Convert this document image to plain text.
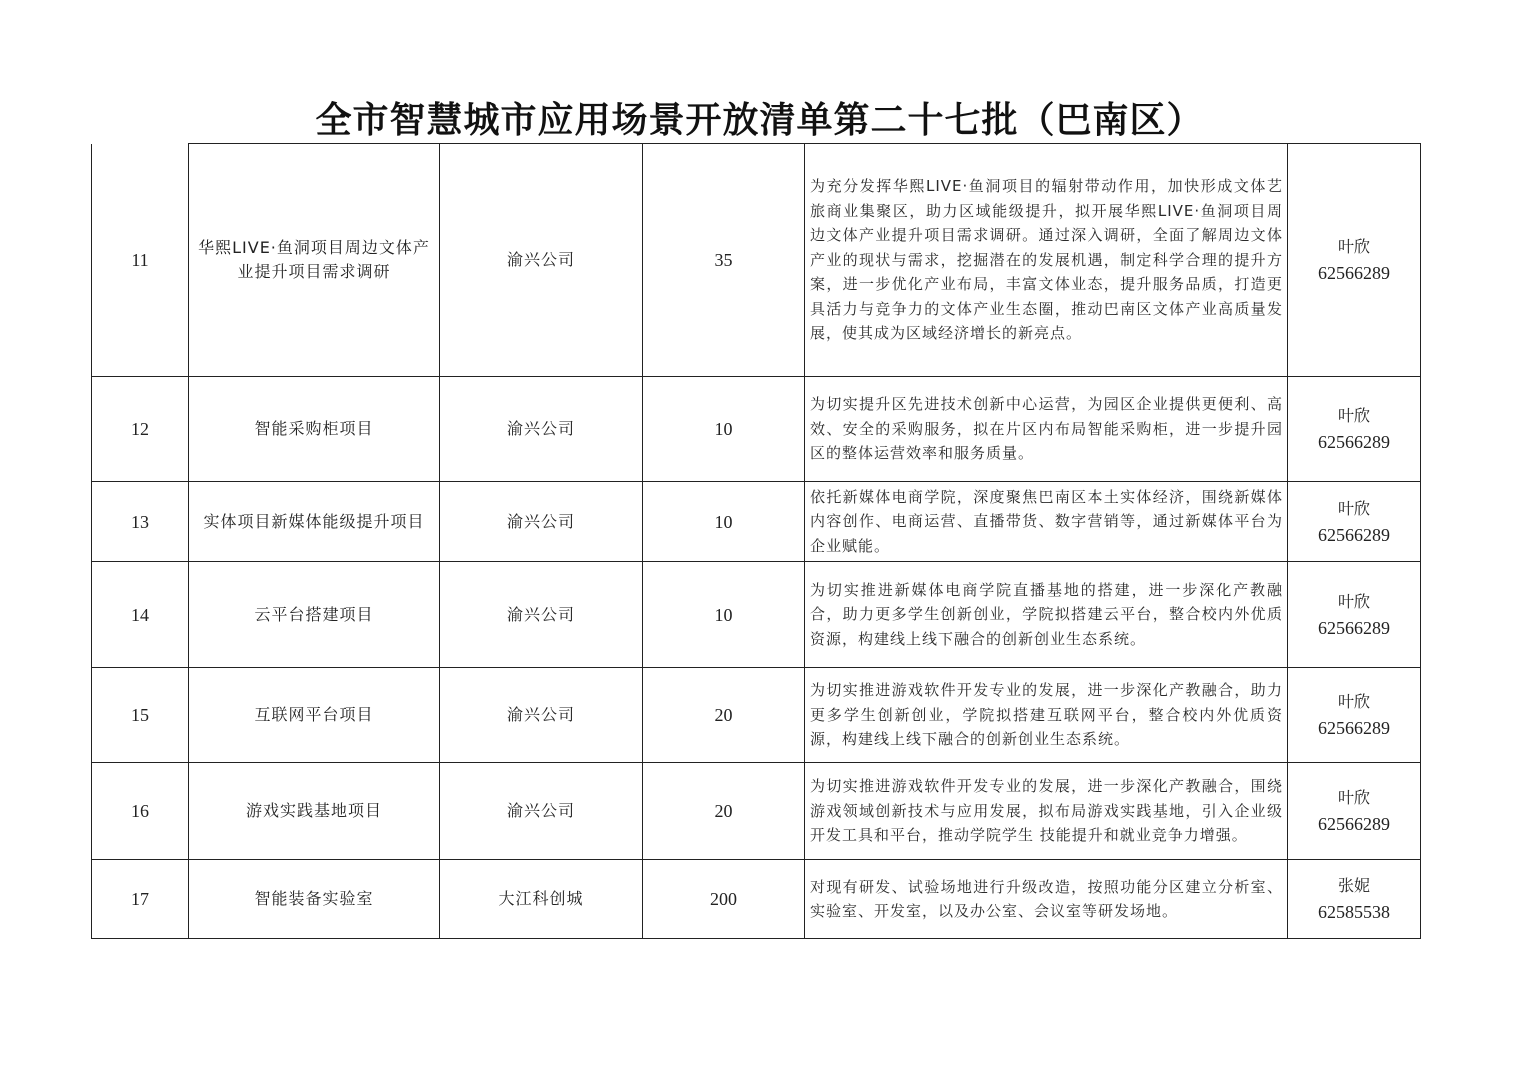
全市智慧城市应用场景开放清单第二十七批（巴南区）
11	华熙LIVE·鱼洞项目周边文体产业提升项目需求调研	渝兴公司	35	为充分发挥华熙LIVE·鱼洞项目的辐射带动作用，加快形成文体艺旅商业集聚区，助力区域能级提升，拟开展华熙LIVE·鱼洞项目周边文体产业提升项目需求调研。通过深入调研，全面了解周边文体产业的现状与需求，挖掘潜在的发展机遇，制定科学合理的提升方案，进一步优化产业布局，丰富文体业态，提升服务品质，打造更具活力与竞争力的文体产业生态圈，推动巴南区文体产业高质量发展，使其成为区域经济增长的新亮点。	叶欣
62566289

12	智能采购柜项目	渝兴公司	10	为切实提升区先进技术创新中心运营，为园区企业提供更便利、高效、安全的采购服务，拟在片区内布局智能采购柜，进一步提升园区的整体运营效率和服务质量。	叶欣
62566289

13	实体项目新媒体能级提升项目	渝兴公司	10	依托新媒体电商学院，深度聚焦巴南区本土实体经济，围绕新媒体内容创作、电商运营、直播带货、数字营销等，通过新媒体平台为企业赋能。	叶欣
62566289

14	云平台搭建项目	渝兴公司	10	为切实推进新媒体电商学院直播基地的搭建，进一步深化产教融合，助力更多学生创新创业，学院拟搭建云平台，整合校内外优质资源，构建线上线下融合的创新创业生态系统。	叶欣
62566289

15	互联网平台项目	渝兴公司	20	为切实推进游戏软件开发专业的发展，进一步深化产教融合，助力更多学生创新创业，学院拟搭建互联网平台，整合校内外优质资源，构建线上线下融合的创新创业生态系统。	叶欣
62566289

16	游戏实践基地项目	渝兴公司	20	为切实推进游戏软件开发专业的发展，进一步深化产教融合，围绕游戏领域创新技术与应用发展，拟布局游戏实践基地，引入企业级开发工具和平台，推动学院学生 技能提升和就业竞争力增强。	叶欣
62566289

17	智能装备实验室	大江科创城	200	对现有研发、试验场地进行升级改造，按照功能分区建立分析室、实验室、开发室，以及办公室、会议室等研发场地。	张妮
62585538
